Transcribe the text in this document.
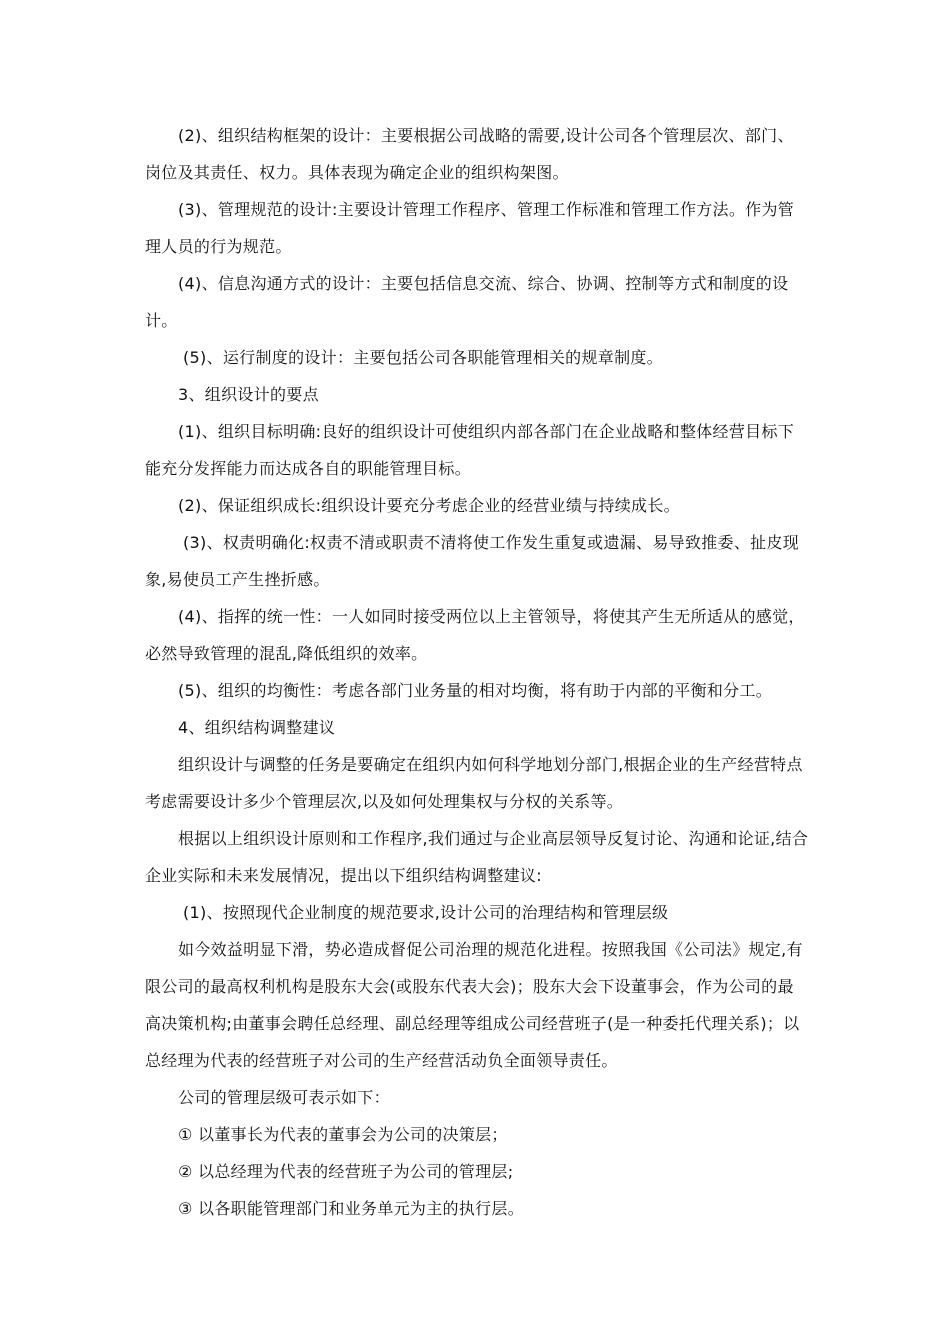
(2)、组织结构框架的设计：主要根据公司战略的需要,设计公司各个管理层次、部门、岗位及其责任、权力。具体表现为确定企业的组织构架图。

(3)、管理规范的设计:主要设计管理工作程序、管理工作标准和管理工作方法。作为管理人员的行为规范。

(4)、信息沟通方式的设计：主要包括信息交流、综合、协调、控制等方式和制度的设计。

(5)、运行制度的设计：主要包括公司各职能管理相关的规章制度。

3、组织设计的要点

(1)、组织目标明确:良好的组织设计可使组织内部各部门在企业战略和整体经营目标下能充分发挥能力而达成各自的职能管理目标。

(2)、保证组织成长:组织设计要充分考虑企业的经营业绩与持续成长。

(3)、权责明确化:权责不清或职责不清将使工作发生重复或遗漏、易导致推委、扯皮现象,易使员工产生挫折感。

(4)、指挥的统一性：一人如同时接受两位以上主管领导，将使其产生无所适从的感觉，必然导致管理的混乱,降低组织的效率。

(5)、组织的均衡性：考虑各部门业务量的相对均衡，将有助于内部的平衡和分工。

4、组织结构调整建议

组织设计与调整的任务是要确定在组织内如何科学地划分部门,根据企业的生产经营特点考虑需要设计多少个管理层次,以及如何处理集权与分权的关系等。

根据以上组织设计原则和工作程序,我们通过与企业高层领导反复讨论、沟通和论证,结合企业实际和未来发展情况，提出以下组织结构调整建议:

(1)、按照现代企业制度的规范要求,设计公司的治理结构和管理层级

如今效益明显下滑，势必造成督促公司治理的规范化进程。按照我国《公司法》规定,有限公司的最高权利机构是股东大会(或股东代表大会)；股东大会下设董事会，作为公司的最高决策机构;由董事会聘任总经理、副总经理等组成公司经营班子(是一种委托代理关系)；以总经理为代表的经营班子对公司的生产经营活动负全面领导责任。

公司的管理层级可表示如下：

① 以董事长为代表的董事会为公司的决策层；

② 以总经理为代表的经营班子为公司的管理层;

③ 以各职能管理部门和业务单元为主的执行层。
